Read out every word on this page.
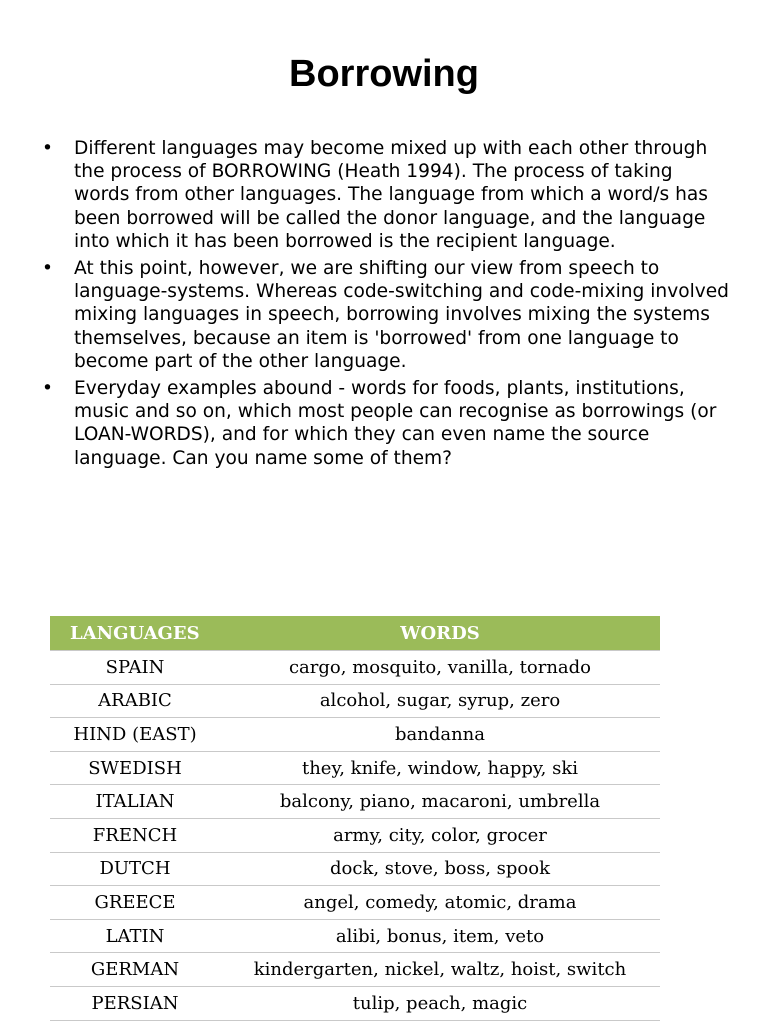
Borrowing
• Different languages may become mixed up with each other through the process of BORROWING (Heath 1994). The process of taking words from other languages. The language from which a word/s has been borrowed will be called the donor language, and the language into which it has been borrowed is the recipient language.
• At this point, however, we are shifting our view from speech to language-systems. Whereas code-switching and code-mixing involved mixing languages in speech, borrowing involves mixing the systems themselves, because an item is 'borrowed' from one language to become part of the other language.
• Everyday examples abound - words for foods, plants, institutions, music and so on, which most people can recognise as borrowings (or LOAN-WORDS), and for which they can even name the source language. Can you name some of them?
LANGUAGES	WORDS
SPAIN	cargo, mosquito, vanilla, tornado
ARABIC	alcohol, sugar, syrup, zero
HIND (EAST)	bandanna
SWEDISH	they, knife, window, happy, ski
ITALIAN	balcony, piano, macaroni, umbrella
FRENCH	army, city, color, grocer
DUTCH	dock, stove, boss, spook
GREECE	angel, comedy, atomic, drama
LATIN	alibi, bonus, item, veto
GERMAN	kindergarten, nickel, waltz, hoist, switch
PERSIAN	tulip, peach, magic
